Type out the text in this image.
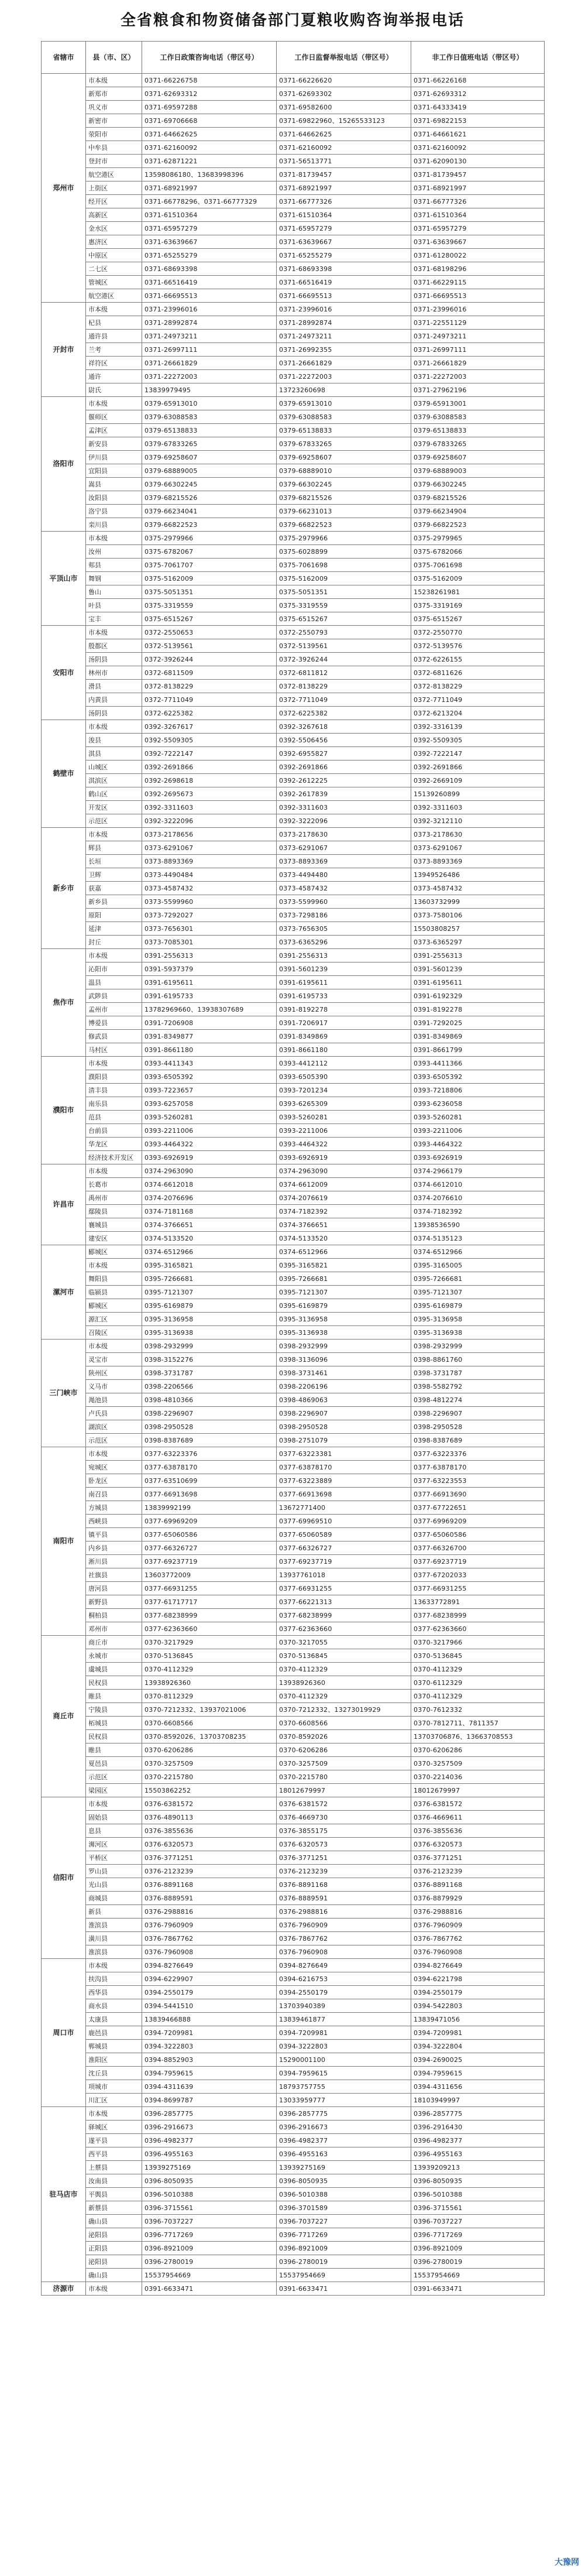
全省粮食和物资储备部门夏粮收购咨询举报电话
省辖市	县（市、区）	工作日政策咨询电话（带区号）	工作日监督举报电话（带区号）	非工作日值班电话（带区号）
郑州市	市本级	0371-66226758	0371-66226620	0371-66226168
	新郑市	0371-62693312	0371-62693302	0371-62693312
	巩义市	0371-69597288	0371-69582600	0371-64333419
	新密市	0371-69706668	0371-69822960、15265533123	0371-69822153
	荥阳市	0371-64662625	0371-64662625	0371-64661621
	中牟县	0371-62160092	0371-62160092	0371-62160092
	登封市	0371-62871221	0371-56513771	0371-62090130
	航空港区	13598086180、13683998396	0371-81739457	0371-81739457
	上街区	0371-68921997	0371-68921997	0371-68921997
	经开区	0371-66778296、0371-66777329	0371-66777326	0371-66777326
	高新区	0371-61510364	0371-61510364	0371-61510364
	金水区	0371-65957279	0371-65957279	0371-65957279
	惠济区	0371-63639667	0371-63639667	0371-63639667
	中原区	0371-65255279	0371-65255279	0371-61280022
	二七区	0371-68693398	0371-68693398	0371-68198296
	管城区	0371-66516419	0371-66516419	0371-66229115
	航空港区	0371-66695513	0371-66695513	0371-66695513
开封市	市本级	0371-23996016	0371-23996016	0371-23996016
	杞县	0371-28992874	0371-28992874	0371-22551129
	通许县	0371-24973211	0371-24973211	0371-24973211
	兰考	0371-26997111	0371-26992355	0371-26997111
	祥符区	0371-26661829	0371-26661829	0371-26661829
	通许	0371-22272003	0371-22272003	0371-22272003
	尉氏	13839979495	13723260698	0371-27962196
洛阳市	市本级	0379-65913010	0379-65913010	0379-65913001
	偃师区	0379-63088583	0379-63088583	0379-63088583
	孟津区	0379-65138833	0379-65138833	0379-65138833
	新安县	0379-67833265	0379-67833265	0379-67833265
	伊川县	0379-69258607	0379-69258607	0379-69258607
	宜阳县	0379-68889005	0379-68889010	0379-68889003
	嵩县	0379-66302245	0379-66302245	0379-66302245
	汝阳县	0379-68215526	0379-68215526	0379-68215526
	洛宁县	0379-66234041	0379-66231013	0379-66234904
	栾川县	0379-66822523	0379-66822523	0379-66822523
平顶山市	市本级	0375-2979966	0375-2979966	0375-2979965
	汝州	0375-6782067	0375-6028899	0375-6782066
	郏县	0375-7061707	0375-7061698	0375-7061698
	舞钢	0375-5162009	0375-5162009	0375-5162009
	鲁山	0375-5051351	0375-5051351	15238261981
	叶县	0375-3319559	0375-3319559	0375-3319169
	宝丰	0375-6515267	0375-6515267	0375-6515267
安阳市	市本级	0372-2550653	0372-2550793	0372-2550770
	殷都区	0372-5139561	0372-5139561	0372-5139576
	汤阴县	0372-3926244	0372-3926244	0372-6226155
	林州市	0372-6811509	0372-6811812	0372-6811626
	滑县	0372-8138229	0372-8138229	0372-8138229
	内黄县	0372-7711049	0372-7711049	0372-7711049
	汤阴县	0372-6225382	0372-6225382	0372-6213204
鹤壁市	市本级	0392-3267617	0392-3267618	0392-3316139
	浚县	0392-5509305	0392-5506456	0392-5509305
	淇县	0392-7222147	0392-6955827	0392-7222147
	山城区	0392-2691866	0392-2691866	0392-2691866
	淇滨区	0392-2698618	0392-2612225	0392-2669109
	鹤山区	0392-2695673	0392-2617839	15139260899
	开发区	0392-3311603	0392-3311603	0392-3311603
	示范区	0392-3222096	0392-3222096	0392-3212110
新乡市	市本级	0373-2178656	0373-2178630	0373-2178630
	辉县	0373-6291067	0373-6291067	0373-6291067
	长垣	0373-8893369	0373-8893369	0373-8893369
	卫辉	0373-4490484	0373-4494480	13949526486
	获嘉	0373-4587432	0373-4587432	0373-4587432
	新乡县	0373-5599960	0373-5599960	13603732999
	原阳	0373-7292027	0373-7298186	0373-7580106
	延津	0373-7656301	0373-7656305	15503808257
	封丘	0373-7085301	0373-6365296	0373-6365297
焦作市	市本级	0391-2556313	0391-2556313	0391-2556313
	沁阳市	0391-5937379	0391-5601239	0391-5601239
	温县	0391-6195611	0391-6195611	0391-6195611
	武陟县	0391-6195733	0391-6195733	0391-6192329
	孟州市	13782969660、13938307689	0391-8192278	0391-8192278
	博爱县	0391-7206908	0391-7206917	0391-7292025
	修武县	0391-8349877	0391-8349869	0391-8349869
	马村区	0391-8661180	0391-8661180	0391-8661799
濮阳市	市本级	0393-4411343	0393-4412112	0393-4411366
	濮阳县	0393-6505392	0393-6505390	0393-6505392
	清丰县	0393-7223657	0393-7201234	0393-7218806
	南乐县	0393-6257058	0393-6265309	0393-6236058
	范县	0393-5260281	0393-5260281	0393-5260281
	台前县	0393-2211006	0393-2211006	0393-2211006
	华龙区	0393-4464322	0393-4464322	0393-4464322
	经济技术开发区	0393-6926919	0393-6926919	0393-6926919
许昌市	市本级	0374-2963090	0374-2963090	0374-2966179
	长葛市	0374-6612018	0374-6612009	0374-6612010
	禹州市	0374-2076696	0374-2076619	0374-2076610
	鄢陵县	0374-7181168	0374-7182392	0374-7182392
	襄城县	0374-3766651	0374-3766651	13938536590
	建安区	0374-5133520	0374-5133520	0374-5135123
漯河市	郾城区	0374-6512966	0374-6512966	0374-6512966
	市本级	0395-3165821	0395-3165821	0395-3165005
	舞阳县	0395-7266681	0395-7266681	0395-7266681
	临颍县	0395-7121307	0395-7121307	0395-7121307
	郾城区	0395-6169879	0395-6169879	0395-6169879
	源汇区	0395-3136958	0395-3136958	0395-3136958
	召陵区	0395-3136938	0395-3136938	0395-3136938
三门峡市	市本级	0398-2932999	0398-2932999	0398-2932999
	灵宝市	0398-3152276	0398-3136096	0398-8861760
	陕州区	0398-3731787	0398-3731461	0398-3731787
	义马市	0398-2206566	0398-2206196	0398-5582792
	渑池县	0398-4810366	0398-4869063	0398-4812274
	卢氏县	0398-2296907	0398-2296907	0398-2296907
	湖滨区	0398-2950528	0398-2950528	0398-2950528
	示范区	0398-8387689	0398-2751079	0398-8387689
南阳市	市本级	0377-63223376	0377-63223381	0377-63223376
	宛城区	0377-63878170	0377-63878170	0377-63878170
	卧龙区	0377-63510699	0377-63223889	0377-63223553
	南召县	0377-66913698	0377-66913698	0377-66913690
	方城县	13839992199	13672771400	0377-67722651
	西峡县	0377-69969209	0377-69969510	0377-69969209
	镇平县	0377-65060586	0377-65060589	0377-65060586
	内乡县	0377-66326727	0377-66326727	0377-66326700
	淅川县	0377-69237719	0377-69237719	0377-69237719
	社旗县	13603772009	13937761018	0377-67202033
	唐河县	0377-66931255	0377-66931255	0377-66931255
	新野县	0377-61717717	0377-66221313	13633772891
	桐柏县	0377-68238999	0377-68238999	0377-68238999
	邓州市	0377-62363660	0377-62363660	0377-62363660
商丘市	商丘市	0370-3217929	0370-3217055	0370-3217966
	永城市	0370-5136845	0370-5136845	0370-5136845
	虞城县	0370-4112329	0370-4112329	0370-4112329
	民权县	13938926360	13938926360	0370-6112329
	睢县	0370-8112329	0370-4112329	0370-4112329
	宁陵县	0370-7212332、13937021006	0370-7212332、13273019929	0370-7612332
	柘城县	0370-6608566	0370-6608566	0370-7812711、7811357
	民权县	0370-8592026、13703708235	0370-8592026	13703706876、13663708553
	睢县	0370-6206286	0370-6206286	0370-6206286
	夏邑县	0370-3257509	0370-3257509	0370-3257509
	示范区	0370-2215780	0370-2215780	0370-2214036
	梁园区	15503862252	18012679997	18012679997
信阳市	市本级	0376-6381572	0376-6381572	0376-6381572
	固始县	0376-4890113	0376-4669730	0376-4669611
	息县	0376-3855636	0376-3855175	0376-3855636
	浉河区	0376-6320573	0376-6320573	0376-6320573
	平桥区	0376-3771251	0376-3771251	0376-3771251
	罗山县	0376-2123239	0376-2123239	0376-2123239
	光山县	0376-8891168	0376-8891168	0376-8891168
	商城县	0376-8889591	0376-8889591	0376-8879929
	新县	0376-2988816	0376-2988816	0376-2988816
	淮滨县	0376-7960909	0376-7960909	0376-7960909
	潢川县	0376-7867762	0376-7867762	0376-7867762
	淮滨县	0376-7960908	0376-7960908	0376-7960908
周口市	市本级	0394-8276649	0394-8276649	0394-8276649
	扶沟县	0394-6229907	0394-6216753	0394-6221798
	西华县	0394-2550179	0394-2550179	0394-2550179
	商水县	0394-5441510	13703940389	0394-5422803
	太康县	13839466888	13839461877	13839471056
	鹿邑县	0394-7209981	0394-7209981	0394-7209981
	郸城县	0394-3222803	0394-3222803	0394-3222804
	淮阳区	0394-8852903	15290001100	0394-2690025
	沈丘县	0394-7959615	0394-7959615	0394-7959615
	项城市	0394-4311639	18793757755	0394-4311656
	川汇区	0394-8699787	13033959777	18103949997
驻马店市	市本级	0396-2857775	0396-2857775	0396-2857775
	驿城区	0396-2916673	0396-2916673	0396-2916430
	遂平县	0396-4982377	0396-4982377	0396-4982377
	西平县	0396-4955163	0396-4955163	0396-4955163
	上蔡县	13939275169	13939275169	13939209213
	汝南县	0396-8050935	0396-8050935	0396-8050935
	平舆县	0396-5010388	0396-5010388	0396-5010388
	新蔡县	0396-3715561	0396-3701589	0396-3715561
	确山县	0396-7037227	0396-7037227	0396-7037227
	泌阳县	0396-7717269	0396-7717269	0396-7717269
	正阳县	0396-8921009	0396-8921009	0396-8921009
	泌阳县	0396-2780019	0396-2780019	0396-2780019
	确山县	15537954669	15537954669	15537954669
济源市	市本级	0391-6633471	0391-6633471	0391-6633471
大豫网
